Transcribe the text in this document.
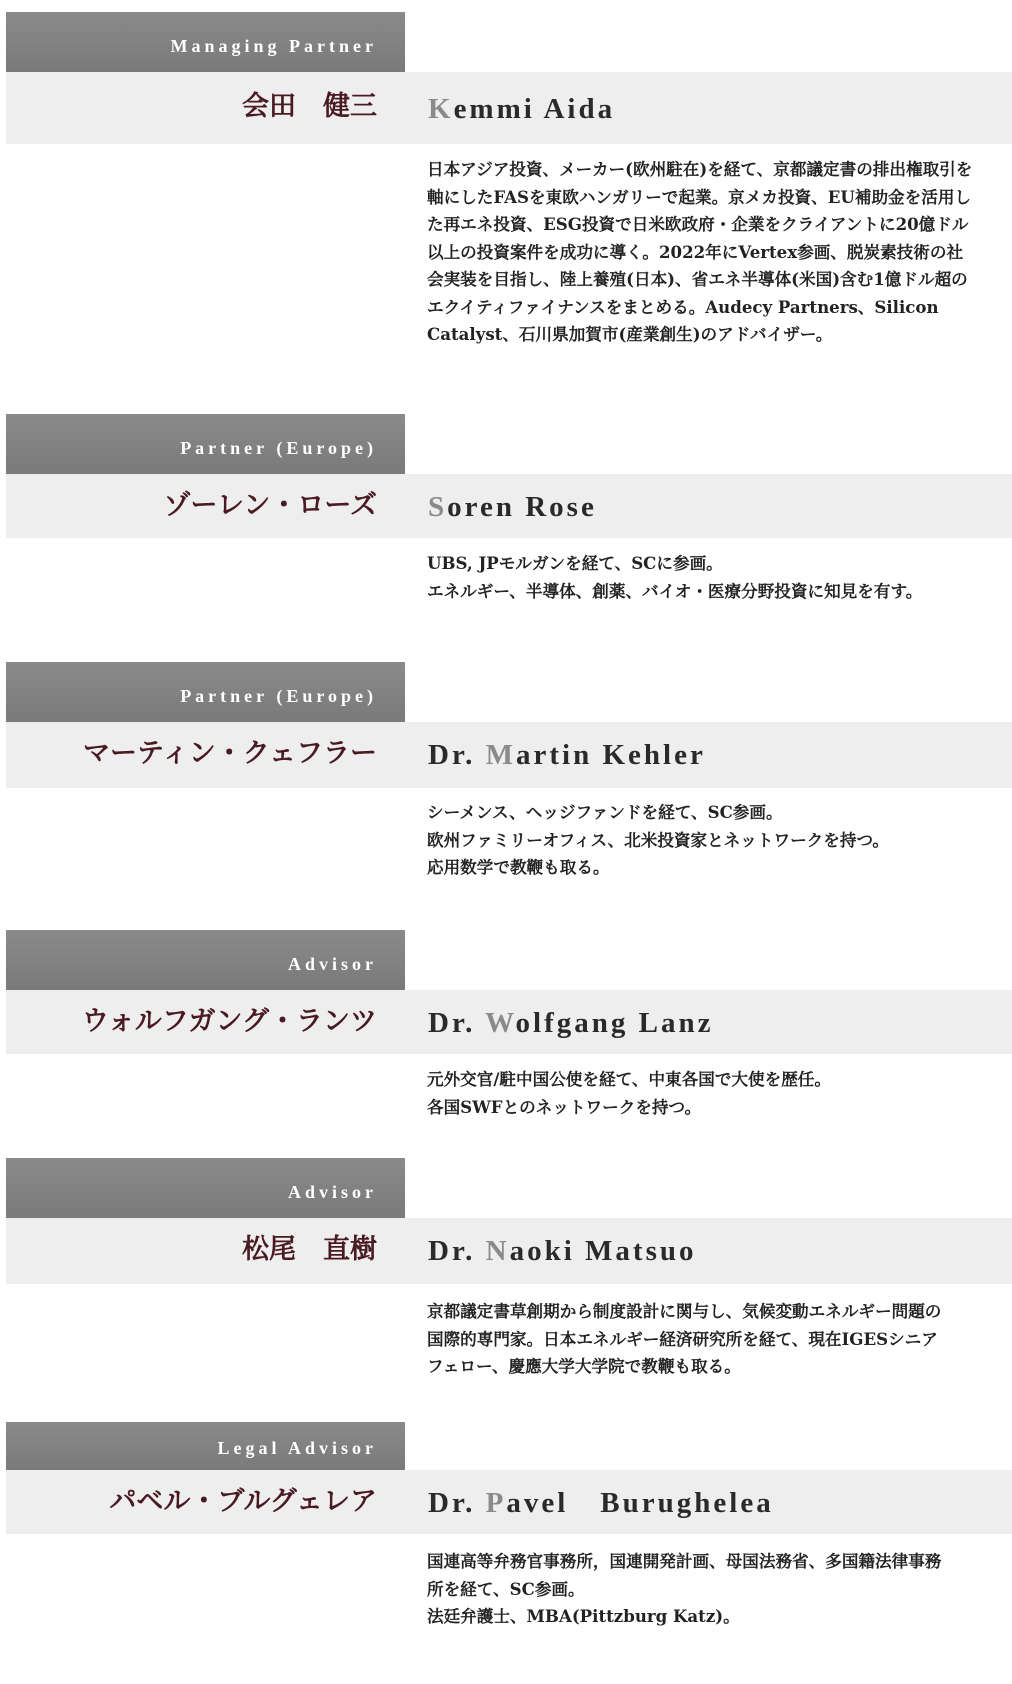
Managing Partner
会田　健三	Kemmi Aida
日本アジア投資、メーカー(欧州駐在)を経て、京都議定書の排出権取引を
軸にしたFASを東欧ハンガリーで起業。京メカ投資、EU補助金を活用し
た再エネ投資、ESG投資で日米欧政府・企業をクライアントに20億ドル
以上の投資案件を成功に導く。2022年にVertex参画、脱炭素技術の社
会実装を目指し、陸上養殖(日本)、省エネ半導体(米国)含む1億ドル超の
エクイティファイナンスをまとめる。Audecy Partners、Silicon
Catalyst、石川県加賀市(産業創生)のアドバイザー。
Partner (Europe)
ゾーレン・ローズ	Soren Rose
UBS, JPモルガンを経て、SCに参画。
エネルギー、半導体、創薬、バイオ・医療分野投資に知見を有す。
Partner (Europe)
マーティン・クェフラー	Dr. Martin Kehler
シーメンス、ヘッジファンドを経て、SC参画。
欧州ファミリーオフィス、北米投資家とネットワークを持つ。
応用数学で教鞭も取る。
Advisor
ウォルフガング・ランツ	Dr. Wolfgang Lanz
元外交官/駐中国公使を経て、中東各国で大使を歴任。
各国SWFとのネットワークを持つ。
Advisor
松尾　直樹	Dr. Naoki Matsuo
京都議定書草創期から制度設計に関与し、気候変動エネルギー問題の
国際的専門家。日本エネルギー経済研究所を経て、現在IGESシニア
フェロー、慶應大学大学院で教鞭も取る。
Legal Advisor
パベル・ブルグェレア	Dr. Pavel　Burughelea
国連高等弁務官事務所，国連開発計画、母国法務省、多国籍法律事務
所を経て、SC参画。
法廷弁護士、MBA(Pittzburg Katz)。
